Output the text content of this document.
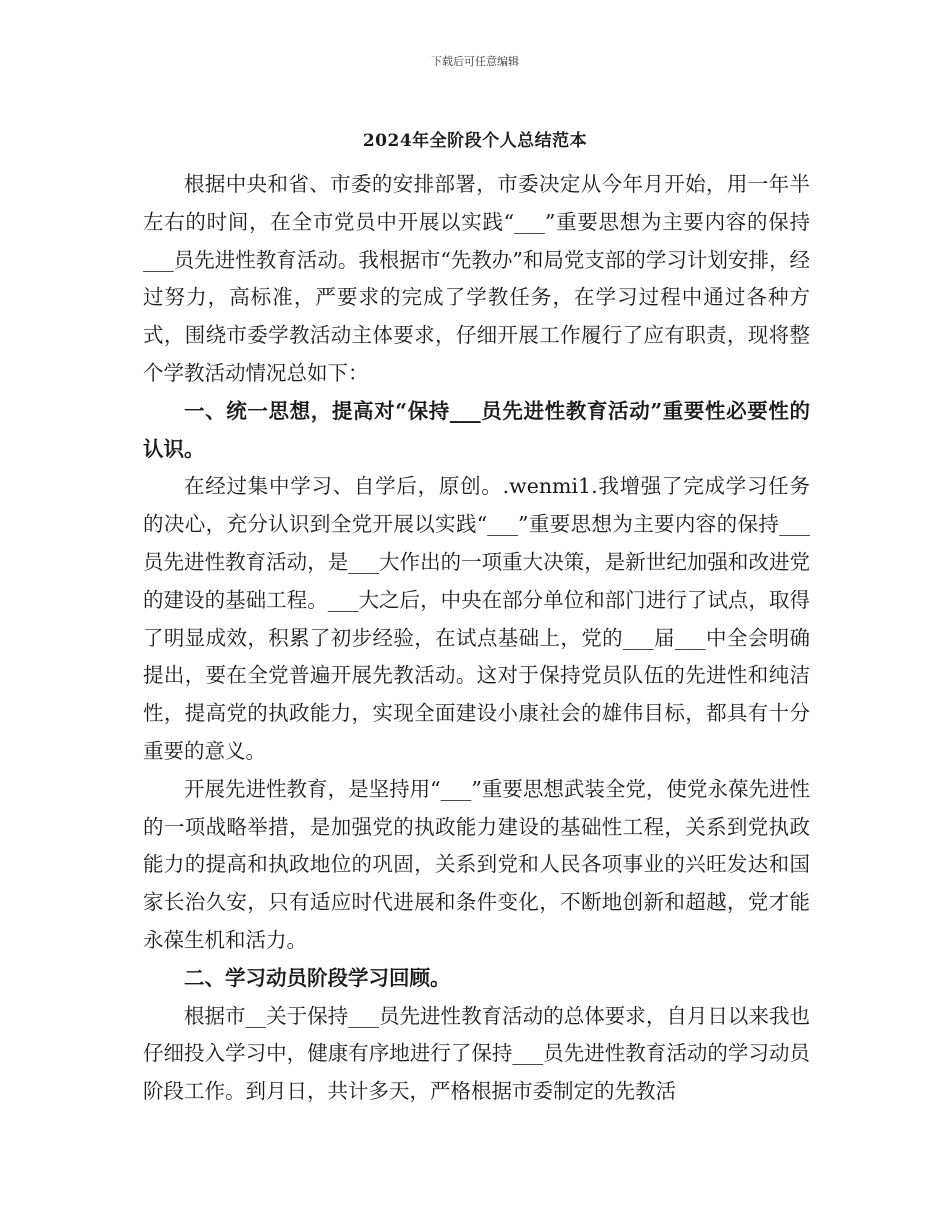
下载后可任意编辑
2024年全阶段个人总结范本

根据中央和省、市委的安排部署，市委决定从今年月开始，用一年半左右的时间，在全市党员中开展以实践“___”重要思想为主要内容的保持___员先进性教育活动。我根据市“先教办”和局党支部的学习计划安排，经过努力，高标准，严要求的完成了学教任务，在学习过程中通过各种方式，围绕市委学教活动主体要求，仔细开展工作履行了应有职责，现将整个学教活动情况总如下：

一、统一思想，提高对“保持___员先进性教育活动”重要性必要性的认识。

在经过集中学习、自学后，原创。.wenmi1.我增强了完成学习任务的决心，充分认识到全党开展以实践“___”重要思想为主要内容的保持___员先进性教育活动，是___大作出的一项重大决策，是新世纪加强和改进党的建设的基础工程。___大之后，中央在部分单位和部门进行了试点，取得了明显成效，积累了初步经验，在试点基础上，党的___届___中全会明确提出，要在全党普遍开展先教活动。这对于保持党员队伍的先进性和纯洁性，提高党的执政能力，实现全面建设小康社会的雄伟目标，都具有十分重要的意义。

开展先进性教育，是坚持用“___”重要思想武装全党，使党永葆先进性的一项战略举措，是加强党的执政能力建设的基础性工程，关系到党执政能力的提高和执政地位的巩固，关系到党和人民各项事业的兴旺发达和国家长治久安，只有适应时代进展和条件变化，不断地创新和超越，党才能永葆生机和活力。

二、学习动员阶段学习回顾。

根据市__关于保持___员先进性教育活动的总体要求，自月日以来我也仔细投入学习中，健康有序地进行了保持___员先进性教育活动的学习动员阶段工作。到月日，共计多天，严格根据市委制定的先教活
